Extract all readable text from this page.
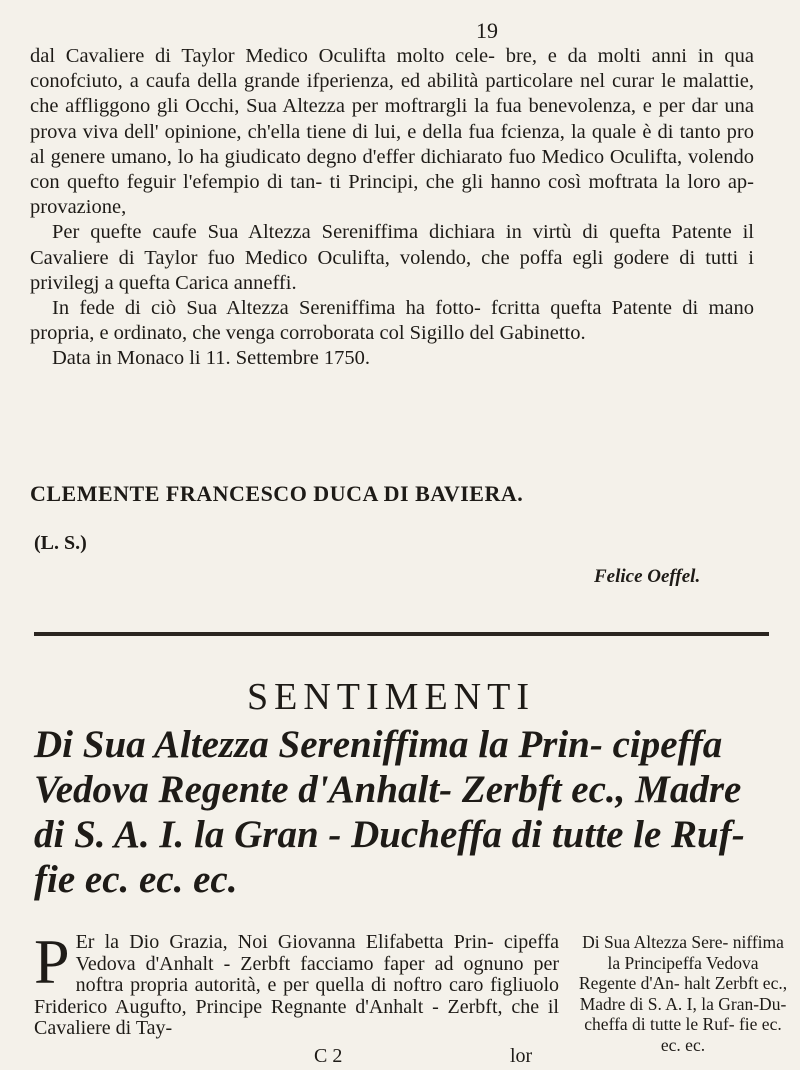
19

dal Cavaliere di Taylor Medico Oculifta molto cele- bre, e da molti anni in qua conofciuto, a caufa della grande ifperienza, ed abilità particolare nel curar le malattie, che affliggono gli Occhi, Sua Altezza per moftrargli la fua benevolenza, e per dar una prova viva dell' opinione, ch'ella tiene di lui, e della fua fcienza, la quale è di tanto pro al genere umano, lo ha giudicato degno d'effer dichiarato fuo Medico Oculifta, volendo con quefto feguir l'efempio di tan- ti Principi, che gli hanno così moftrata la loro ap- provazione,

Per quefte caufe Sua Altezza Sereniffima dichiara in virtù di quefta Patente il Cavaliere di Taylor fuo Medico Oculifta, volendo, che poffa egli godere di tutti i privilegj a quefta Carica anneffi.

In fede di ciò Sua Altezza Sereniffima ha fotto- fcritta quefta Patente di mano propria, e ordinato, che venga corroborata col Sigillo del Gabinetto.

Data in Monaco li 11. Settembre 1750.

CLEMENTE FRANCESCO DUCA DI BAVIERA.
(L. S.)
Felice Oeffel.
SENTIMENTI
Di Sua Altezza Sereniffima la Prin- cipeffa Vedova Regente d'Anhalt- Zerbft ec., Madre di S. A. I. la Gran - Ducheffa di tutte le Ruf- fie ec. ec. ec.
P Er la Dio Grazia, Noi Giovanna Elifabetta Prin- cipeffa Vedova d'Anhalt - Zerbft facciamo faper ad ognuno per noftra propria autorità, e per quella di noftro caro figliuolo Friderico Augufto, Principe Regnante d'Anhalt - Zerbft, che il Cavaliere di Tay-
Di Sua Altezza Sere- niffima la Principeffa Vedova Regente d'An- halt Zerbft ec., Madre di S. A. I, la Gran-Du- cheffa di tutte le Ruf- fie ec. ec. ec.
C 2	lor
